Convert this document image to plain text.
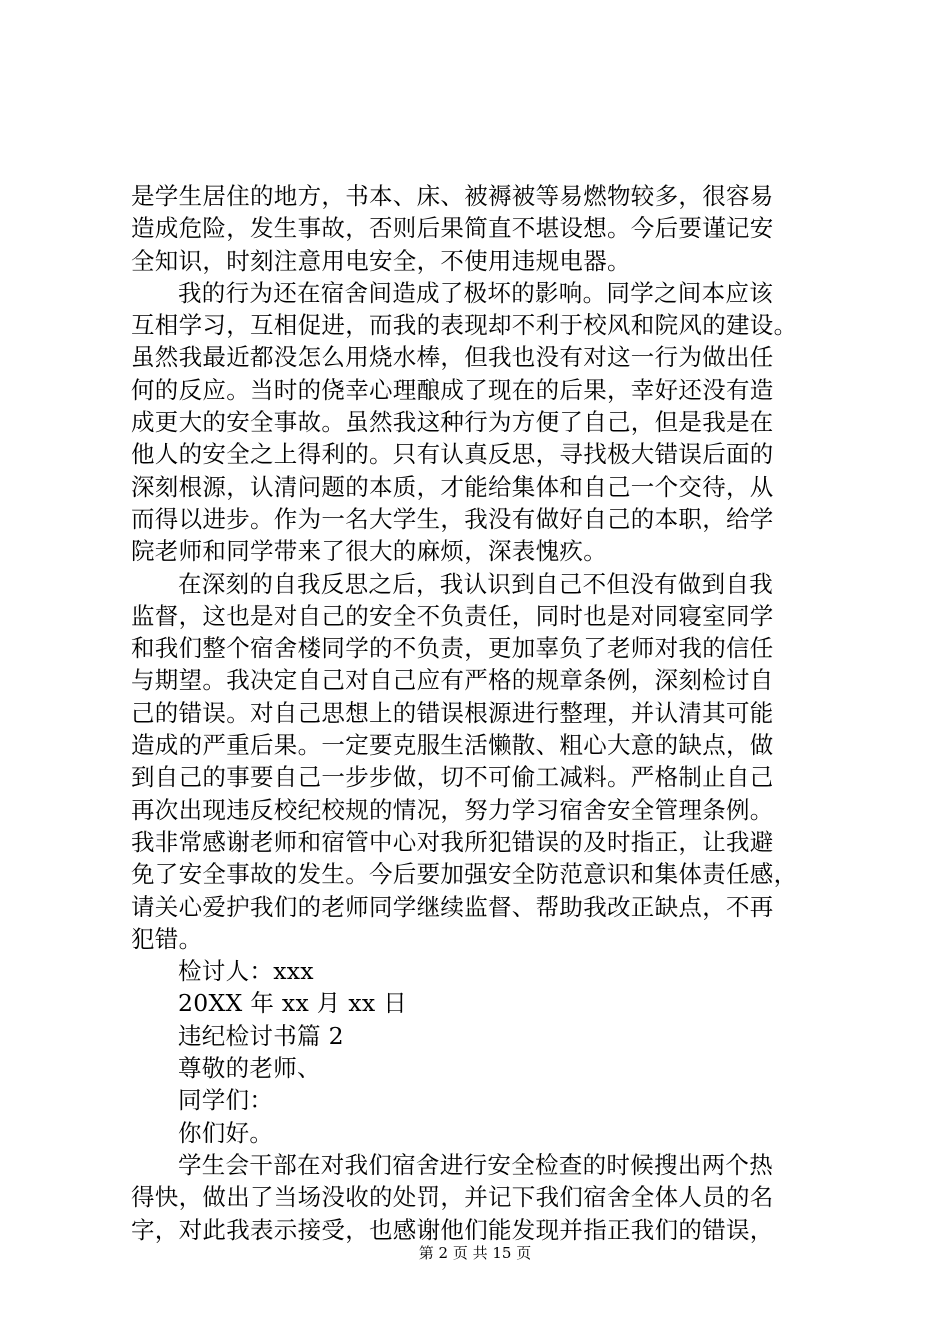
是学生居住的地方，书本、床、被褥被等易燃物较多，很容易
造成危险，发生事故，否则后果简直不堪设想。今后要谨记安
全知识，时刻注意用电安全，不使用违规电器。
我的行为还在宿舍间造成了极坏的影响。同学之间本应该
互相学习，互相促进，而我的表现却不利于校风和院风的建设。
虽然我最近都没怎么用烧水棒，但我也没有对这一行为做出任
何的反应。当时的侥幸心理酿成了现在的后果，幸好还没有造
成更大的安全事故。虽然我这种行为方便了自己，但是我是在
他人的安全之上得利的。只有认真反思，寻找极大错误后面的
深刻根源，认清问题的本质，才能给集体和自己一个交待，从
而得以进步。作为一名大学生，我没有做好自己的本职，给学
院老师和同学带来了很大的麻烦，深表愧疚。
在深刻的自我反思之后，我认识到自己不但没有做到自我
监督，这也是对自己的安全不负责任，同时也是对同寝室同学
和我们整个宿舍楼同学的不负责，更加辜负了老师对我的信任
与期望。我决定自己对自己应有严格的规章条例，深刻检讨自
己的错误。对自己思想上的错误根源进行整理，并认清其可能
造成的严重后果。一定要克服生活懒散、粗心大意的缺点，做
到自己的事要自己一步步做，切不可偷工减料。严格制止自己
再次出现违反校纪校规的情况，努力学习宿舍安全管理条例。
我非常感谢老师和宿管中心对我所犯错误的及时指正，让我避
免了安全事故的发生。今后要加强安全防范意识和集体责任感，
请关心爱护我们的老师同学继续监督、帮助我改正缺点，不再
犯错。
检讨人：xxx
20XX 年 xx 月 xx 日
违纪检讨书篇 2
尊敬的老师、
同学们：
你们好。
学生会干部在对我们宿舍进行安全检查的时候搜出两个热
得快，做出了当场没收的处罚，并记下我们宿舍全体人员的名
字，对此我表示接受，也感谢他们能发现并指正我们的错误，
第 2 页 共 15 页
